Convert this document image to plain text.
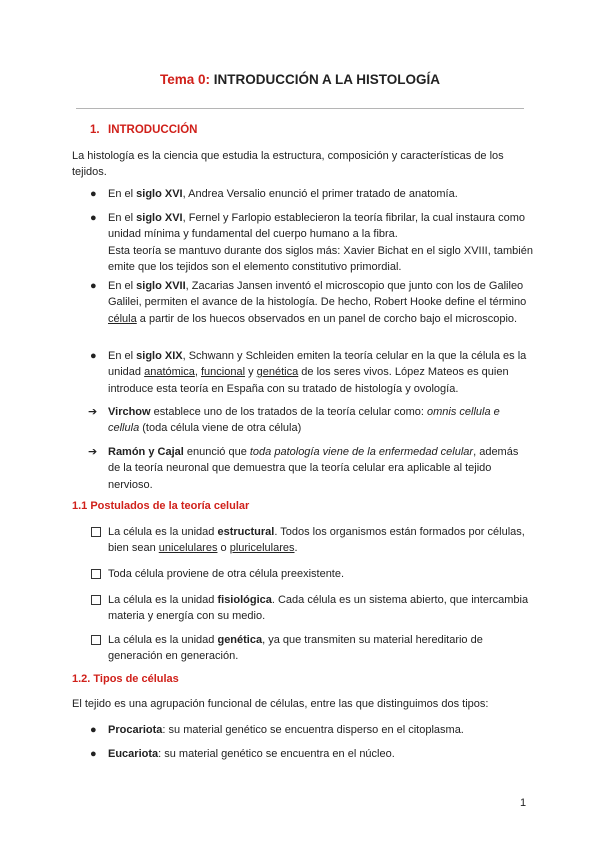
Tema 0: INTRODUCCIÓN A LA HISTOLOGÍA
1. INTRODUCCIÓN
La histología es la ciencia que estudia la estructura, composición y características de los tejidos.
● En el siglo XVI, Andrea Versalio enunció el primer tratado de anatomía.
● En el siglo XVI, Fernel y Farlopio establecieron la teoría fibrilar, la cual instaura como unidad mínima y fundamental del cuerpo humano a la fibra.
Esta teoría se mantuvo durante dos siglos más: Xavier Bichat en el siglo XVIII, también emite que los tejidos son el elemento constitutivo primordial.
● En el siglo XVII, Zacarias Jansen inventó el microscopio que junto con los de Galileo Galilei, permiten el avance de la histología. De hecho, Robert Hooke define el término célula a partir de los huecos observados en un panel de corcho bajo el microscopio.
● En el siglo XIX, Schwann y Schleiden emiten la teoría celular en la que la célula es la unidad anatómica, funcional y genética de los seres vivos. López Mateos es quien introduce esta teoría en España con su tratado de histología y ovología.
➔ Virchow establece uno de los tratados de la teoría celular como: omnis cellula e cellula (toda célula viene de otra célula)
➔ Ramón y Cajal enunció que toda patología viene de la enfermedad celular, además de la teoría neuronal que demuestra que la teoría celular era aplicable al tejido nervioso.
1.1 Postulados de la teoría celular
La célula es la unidad estructural. Todos los organismos están formados por células, bien sean unicelulares o pluricelulares.
Toda célula proviene de otra célula preexistente.
La célula es la unidad fisiológica. Cada célula es un sistema abierto, que intercambia materia y energía con su medio.
La célula es la unidad genética, ya que transmiten su material hereditario de generación en generación.
1.2. Tipos de células
El tejido es una agrupación funcional de células, entre las que distinguimos dos tipos:
● Procariota: su material genético se encuentra disperso en el citoplasma.
● Eucariota: su material genético se encuentra en el núcleo.
1
